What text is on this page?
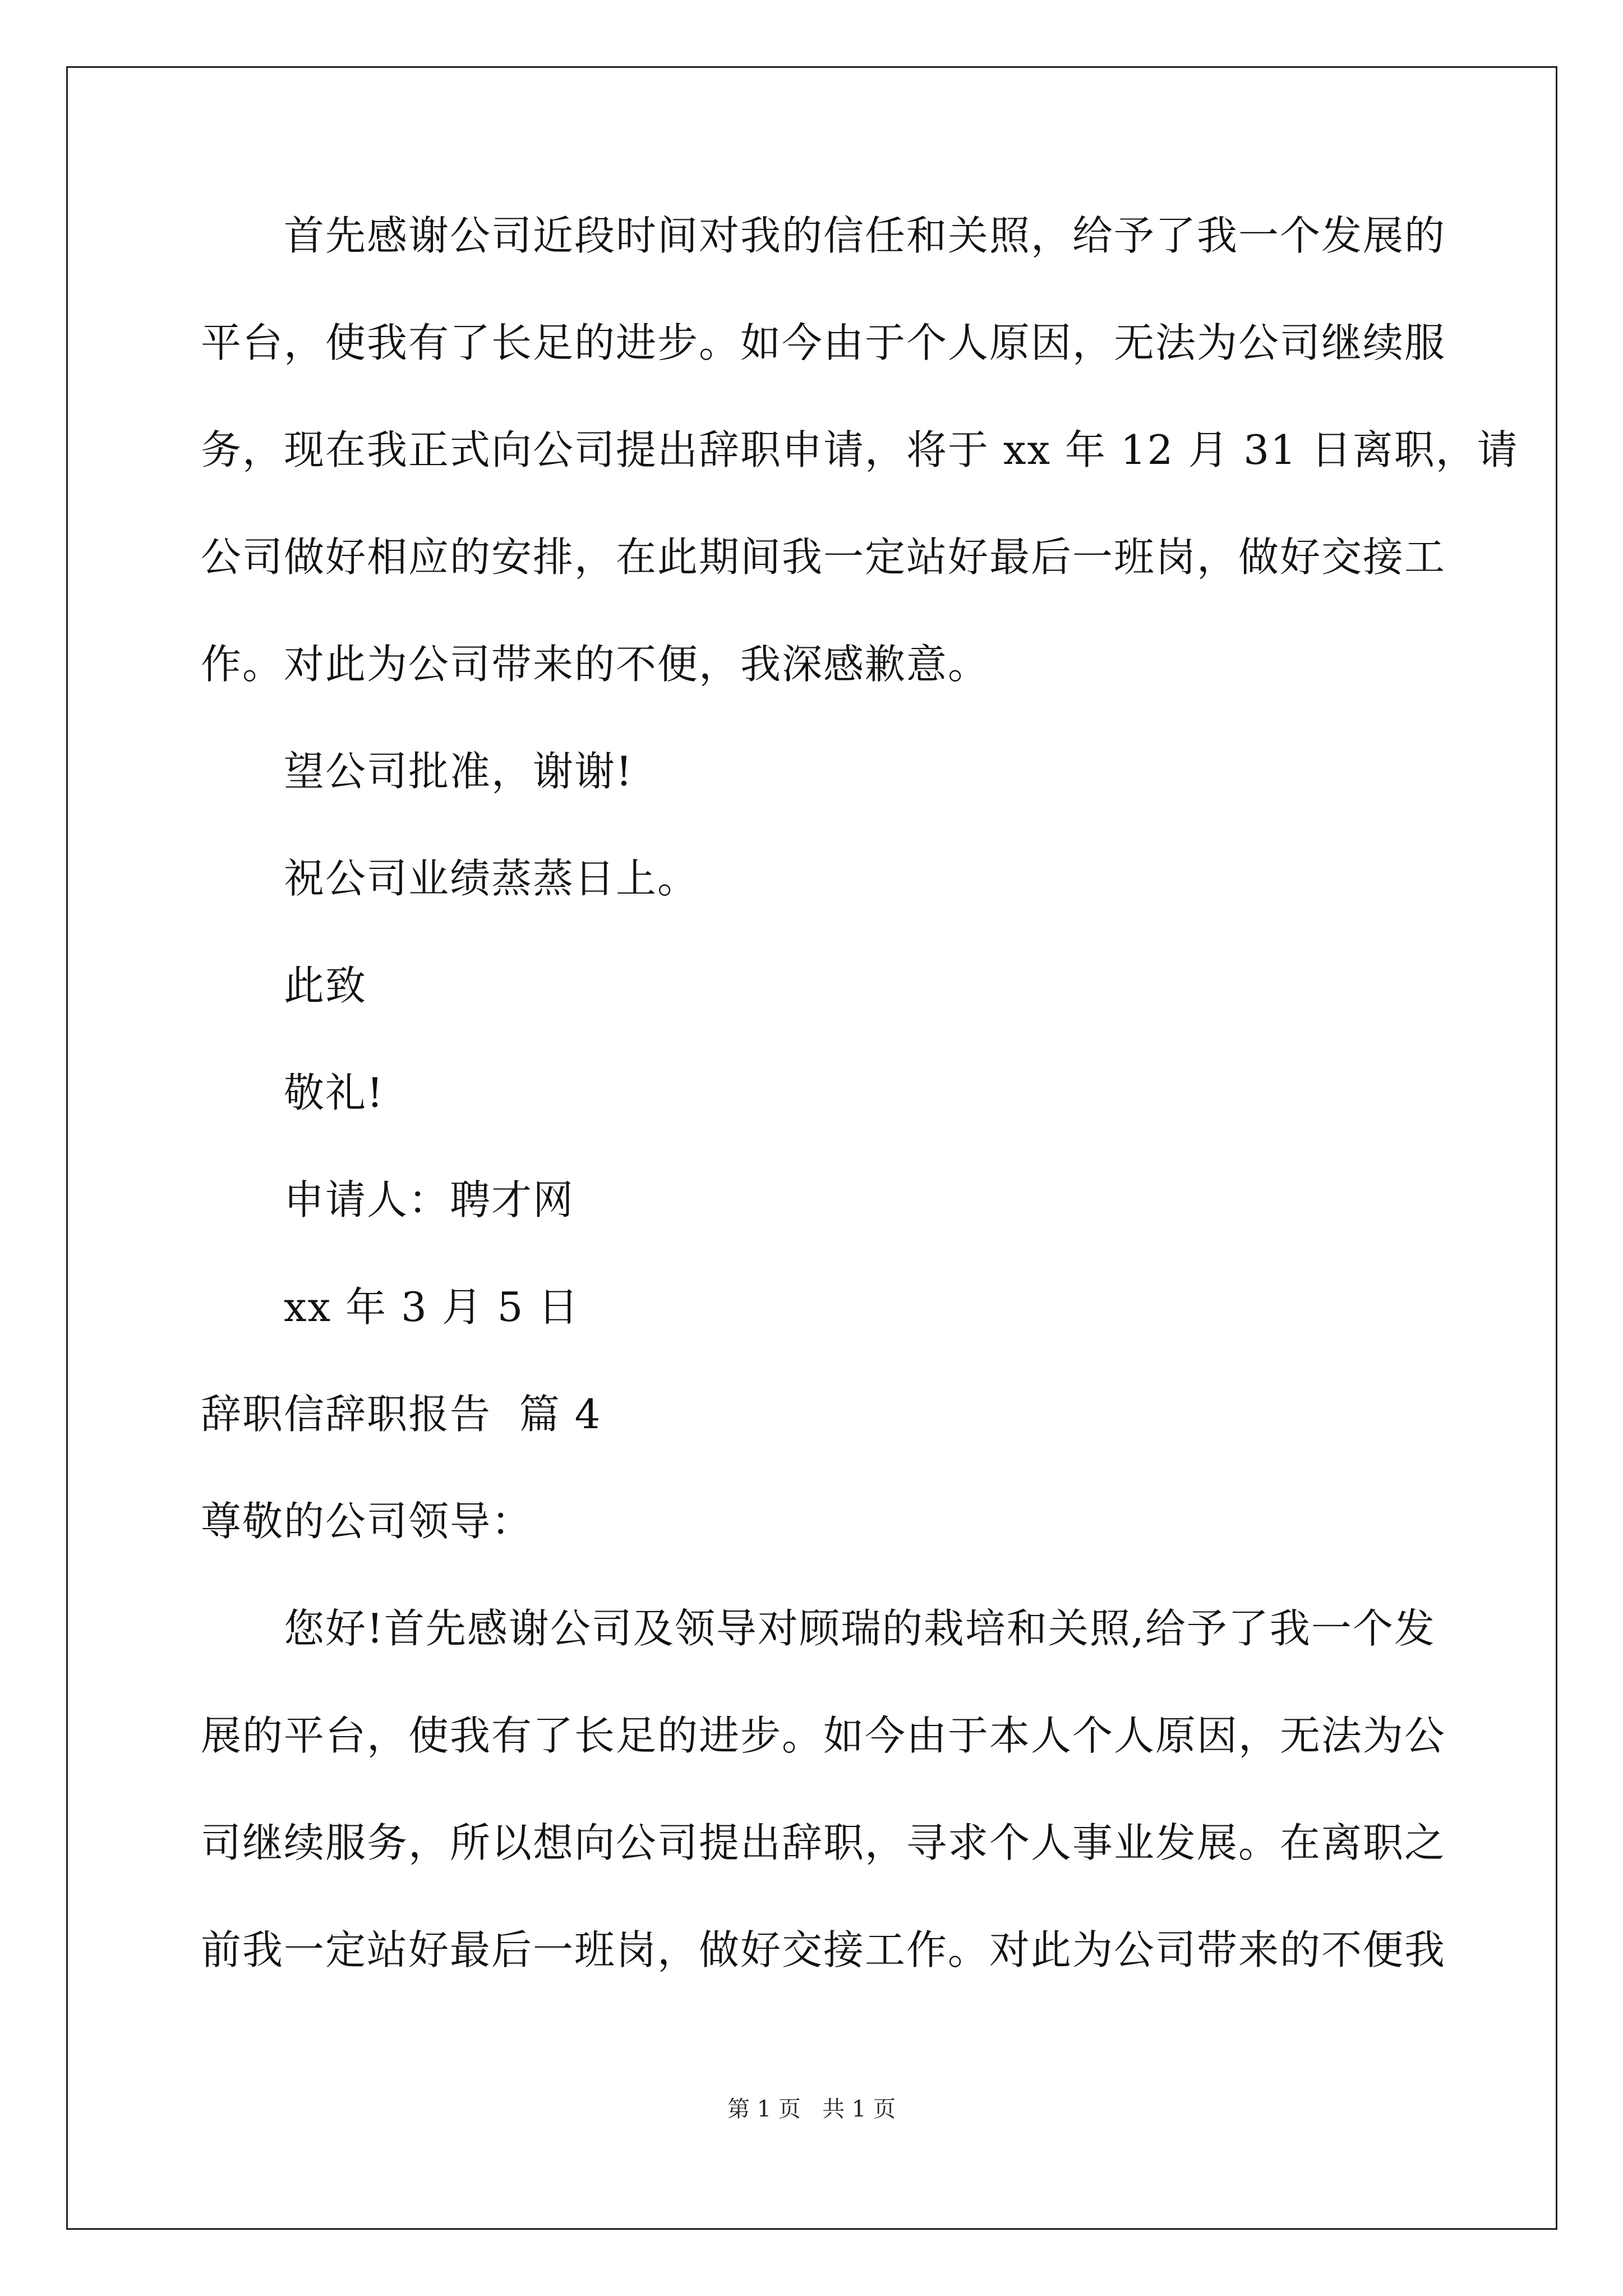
首先感谢公司近段时间对我的信任和关照，给予了我一个发展的
平台，使我有了长足的进步。如今由于个人原因，无法为公司继续服
务，现在我正式向公司提出辞职申请，将于 xx 年 12 月 31 日离职，请
公司做好相应的安排，在此期间我一定站好最后一班岗，做好交接工
作。对此为公司带来的不便，我深感歉意。
望公司批准，谢谢!
祝公司业绩蒸蒸日上。
此致
敬礼!
申请人：聘才网
xx 年 3 月 5 日
辞职信辞职报告  篇 4
尊敬的公司领导：
您好!首先感谢公司及领导对顾瑞的栽培和关照,给予了我一个发
展的平台，使我有了长足的进步。如今由于本人个人原因，无法为公
司继续服务，所以想向公司提出辞职，寻求个人事业发展。在离职之
前我一定站好最后一班岗，做好交接工作。对此为公司带来的不便我
第 1 页   共 1 页
